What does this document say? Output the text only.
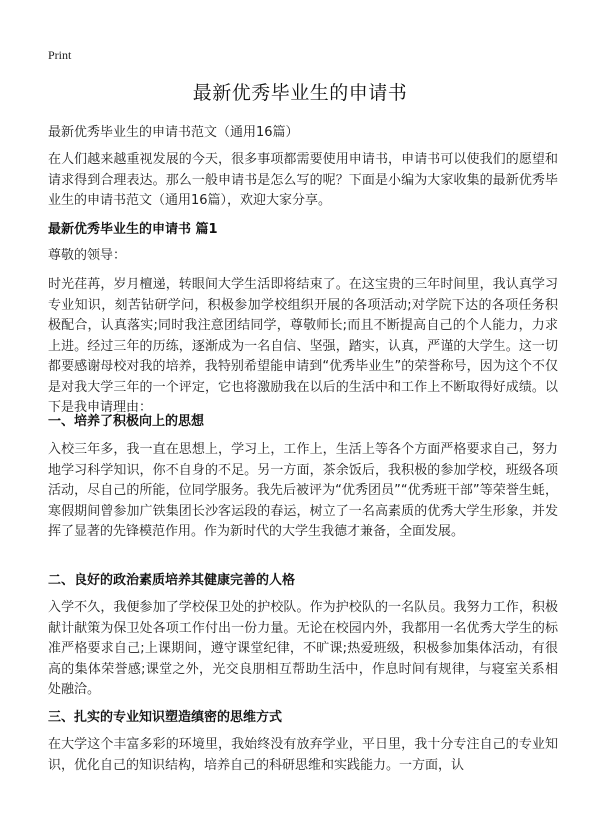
Print
最新优秀毕业生的申请书
最新优秀毕业生的申请书范文（通用16篇）

在人们越来越重视发展的今天，很多事项都需要使用申请书，申请书可以使我们的愿望和请求得到合理表达。那么一般申请书是怎么写的呢？下面是小编为大家收集的最新优秀毕业生的申请书范文（通用16篇），欢迎大家分享。

最新优秀毕业生的申请书 篇1

尊敬的领导：

时光荏苒，岁月檀递，转眼间大学生活即将结束了。在这宝贵的三年时间里，我认真学习专业知识，刻苦钻研学问，积极参加学校组织开展的各项活动;对学院下达的各项任务积极配合，认真落实;同时我注意团结同学，尊敬师长;而且不断提高自己的个人能力，力求上进。经过三年的历练，逐渐成为一名自信、坚强，踏实，认真，严谨的大学生。这一切都要感谢母校对我的培养，我特别希望能申请到“优秀毕业生”的荣誉称号，因为这个不仅是对我大学三年的一个评定，它也将激励我在以后的生活中和工作上不断取得好成绩。以下是我申请理由：

一、培养了积极向上的思想

入校三年多，我一直在思想上，学习上，工作上，生活上等各个方面严格要求自己，努力地学习科学知识，你不自身的不足。另一方面，茶余饭后，我积极的参加学校，班级各项活动，尽自己的所能，位同学服务。我先后被评为“优秀团员”“优秀班干部”等荣誉生蚝，寒假期间曾参加广铁集团长沙客运段的春运，树立了一名高素质的优秀大学生形象，并发挥了显著的先锋模范作用。作为新时代的大学生我德才兼备，全面发展。

二、良好的政治素质培养其健康完善的人格

入学不久，我便参加了学校保卫处的护校队。作为护校队的一名队员。我努力工作，积极献计献策为保卫处各项工作付出一份力量。无论在校园内外，我都用一名优秀大学生的标准严格要求自己;上课期间，遵守课堂纪律，不旷课;热爱班级，积极参加集体活动，有很高的集体荣誉感;课堂之外，光交良朋相互帮助生活中，作息时间有规律，与寝室关系相处融洽。

三、扎实的专业知识塑造缜密的思维方式

在大学这个丰富多彩的环境里，我始终没有放弃学业，平日里，我十分专注自己的专业知识，优化自己的知识结构，培养自己的科研思维和实践能力。一方面，认
